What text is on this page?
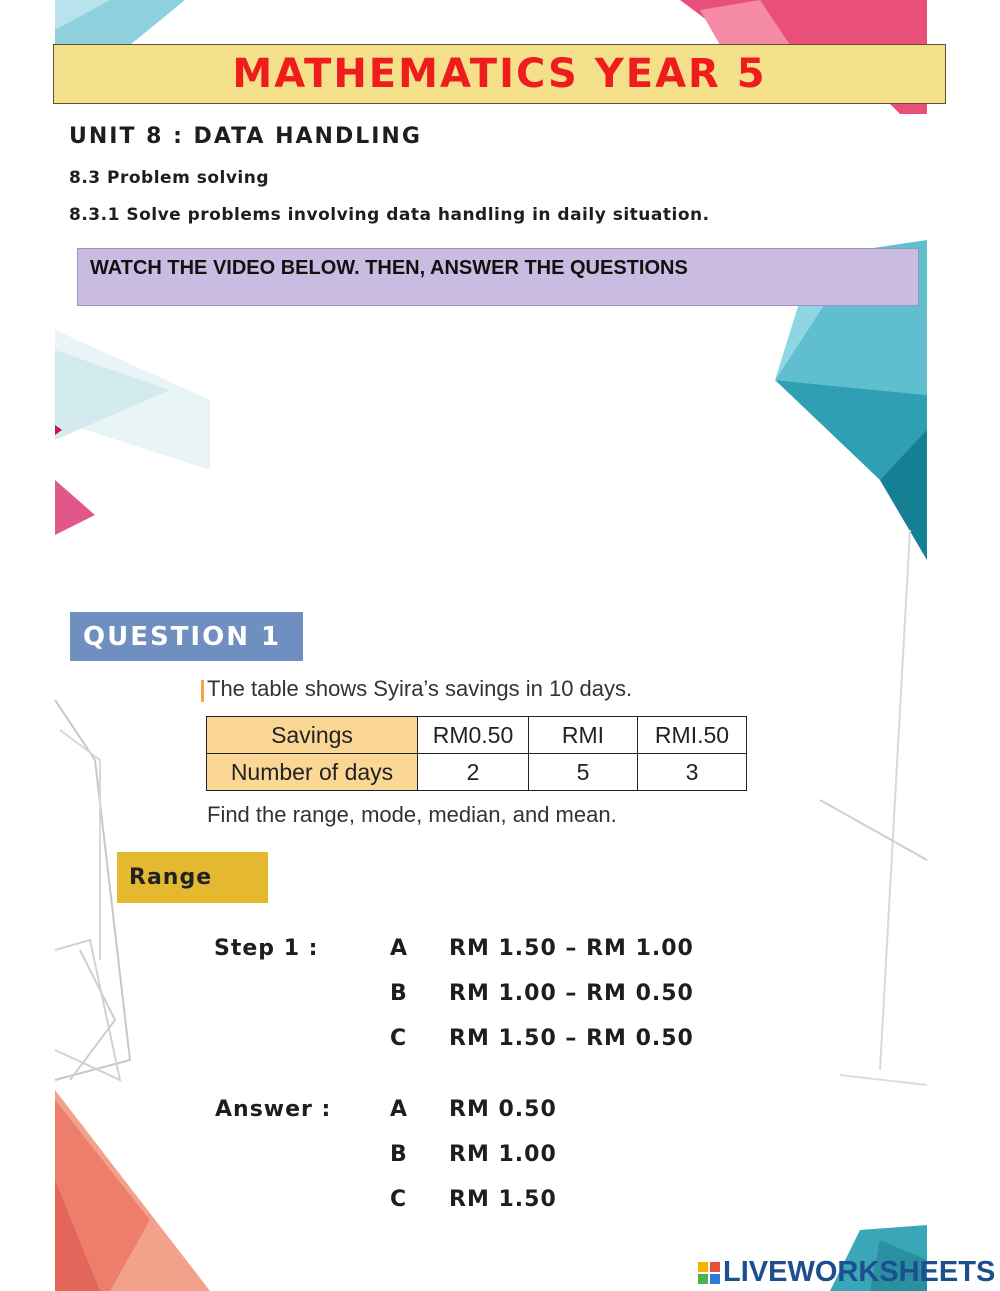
MATHEMATICS YEAR 5
UNIT 8 : DATA HANDLING
8.3 Problem solving
8.3.1 Solve problems involving data handling in daily situation.
WATCH THE VIDEO BELOW. THEN, ANSWER THE QUESTIONS
QUESTION 1
The table shows Syira’s savings in 10 days.
Savings	RM0.50	RMI	RMI.50
Number of days	2	5	3
Find the range, mode, median, and mean.
Range
Step 1 :	A RM 1.50 – RM 1.00
B RM 1.00 – RM 0.50
C RM 1.50 – RM 0.50
Answer :	A RM 0.50
B RM 1.00
C RM 1.50
LIVEWORKSHEETS
